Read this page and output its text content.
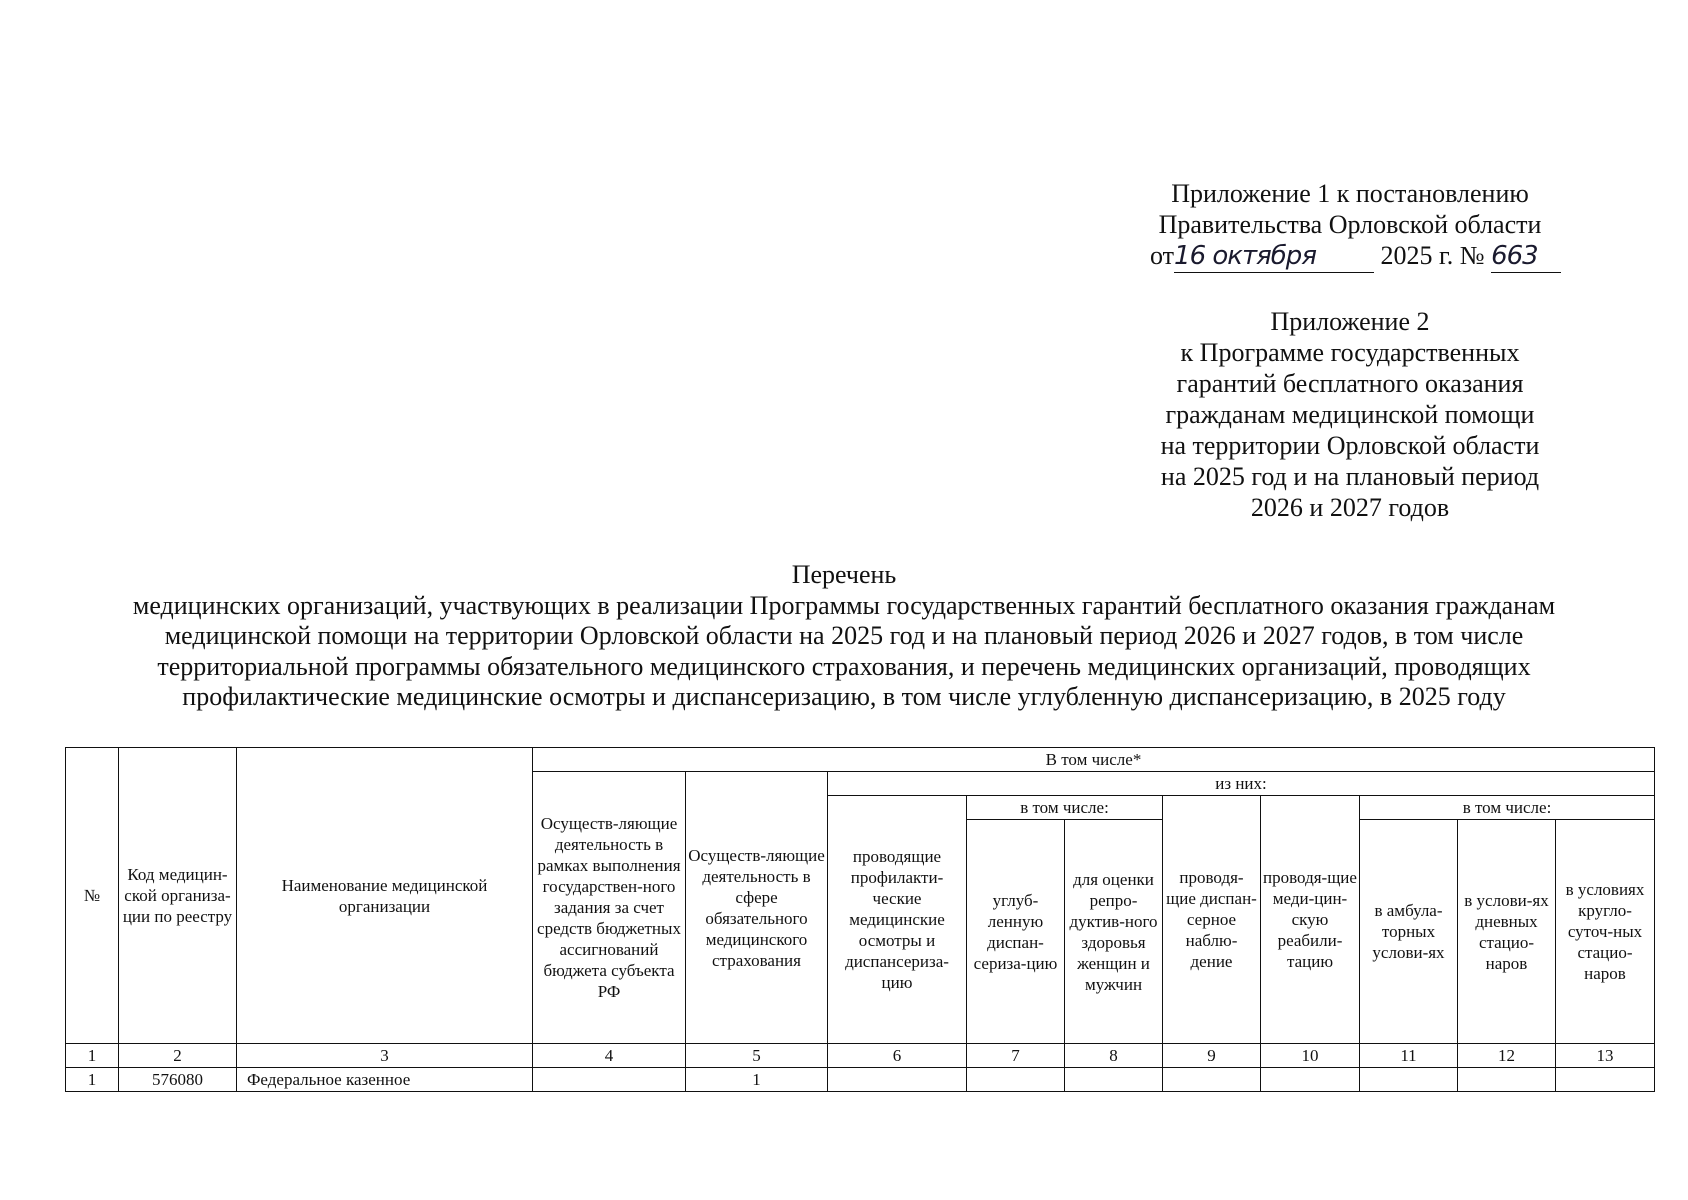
Приложение 1 к постановлению
Правительства Орловской области
от16 октября 2025 г. № 663
Приложение 2
к Программе государственных
гарантий бесплатного оказания
гражданам медицинской помощи
на территории Орловской области
на 2025 год и на плановый период
2026 и 2027 годов
Перечень
медицинских организаций, участвующих в реализации Программы государственных гарантий бесплатного оказания гражданам
медицинской помощи на территории Орловской области на 2025 год и на плановый период 2026 и 2027 годов, в том числе
территориальной программы обязательного медицинского страхования, и перечень медицинских организаций, проводящих
профилактические медицинские осмотры и диспансеризацию, в том числе углубленную диспансеризацию, в 2025 году
№	Код медицин-ской организа-ции по реестру	Наименование медицинской организации	В том числе*									
			Осуществ-ляющие деятельность в рамках выполнения государствен-ного задания за счет средств бюджетных ассигнований бюджета субъекта РФ	Осуществ-ляющие деятельность в сфере обязательного медицинского страхования	из них:							
					проводящие профилакти-ческие медицинские осмотры и диспансериза-цию	в том числе:		проводя-щие диспан-серное наблю-дение	проводя-щие меди-цин-скую реабили-тацию	в том числе:		
						углуб-ленную диспан-сериза-цию	для оценки репро-дуктив-ного здоровья женщин и мужчин			в амбула-торных услови-ях	в услови-ях дневных стацио-наров	в условиях кругло-суточ-ных стацио-наров

1	2	3	4	5	6	7	8	9	10	11	12	13
1	576080	Федеральное казенное		1								
